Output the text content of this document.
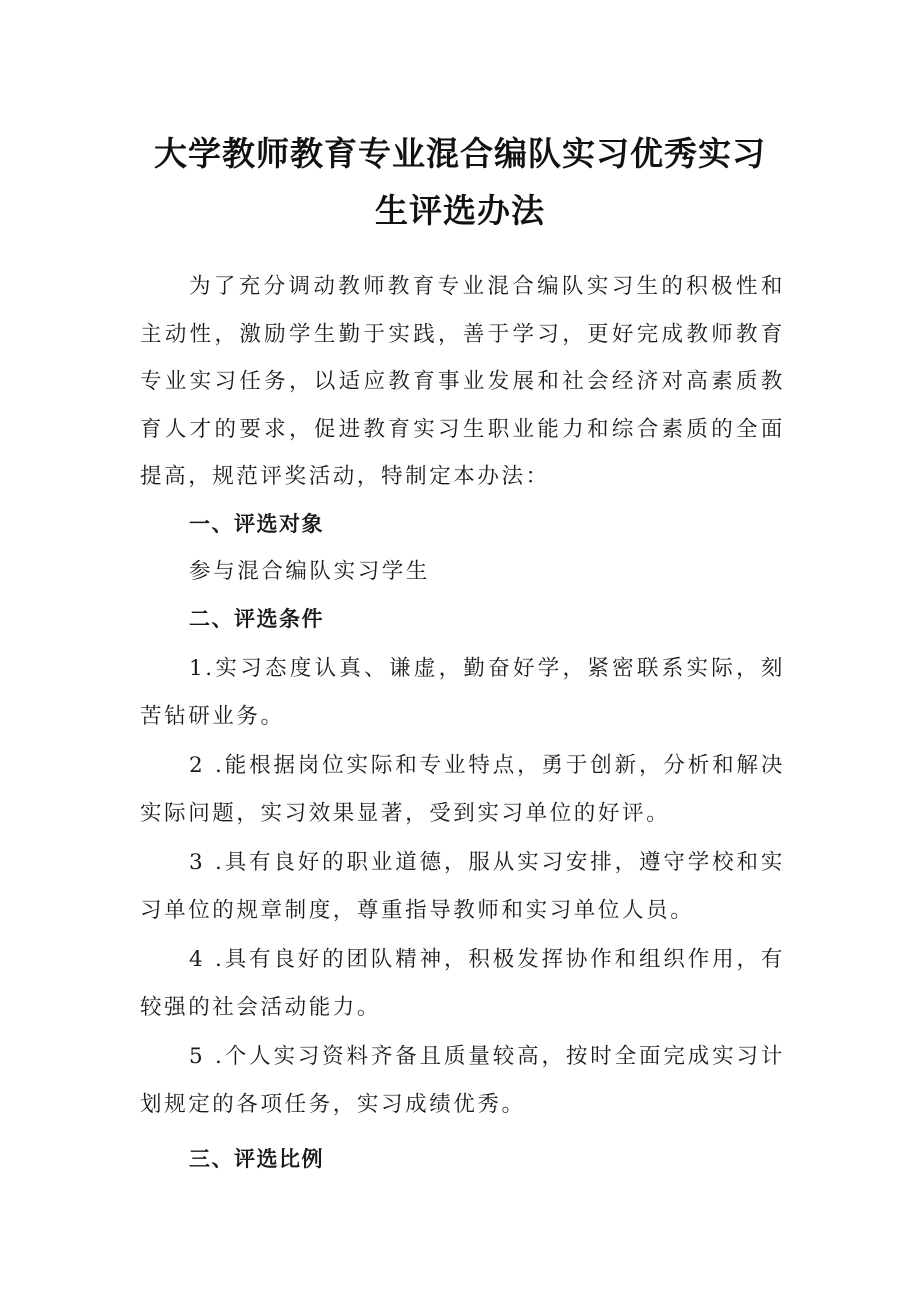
大学教师教育专业混合编队实习优秀实习
生评选办法

为了充分调动教师教育专业混合编队实习生的积极性和主动性，激励学生勤于实践，善于学习，更好完成教师教育专业实习任务，以适应教育事业发展和社会经济对高素质教育人才的要求，促进教育实习生职业能力和综合素质的全面提高，规范评奖活动，特制定本办法：

一、评选对象

参与混合编队实习学生

二、评选条件

1.实习态度认真、谦虚，勤奋好学，紧密联系实际，刻苦钻研业务。

2 .能根据岗位实际和专业特点，勇于创新，分析和解决实际问题，实习效果显著，受到实习单位的好评。

3 .具有良好的职业道德，服从实习安排，遵守学校和实习单位的规章制度，尊重指导教师和实习单位人员。

4 .具有良好的团队精神，积极发挥协作和组织作用，有较强的社会活动能力。

5 .个人实习资料齐备且质量较高，按时全面完成实习计划规定的各项任务，实习成绩优秀。

三、评选比例
